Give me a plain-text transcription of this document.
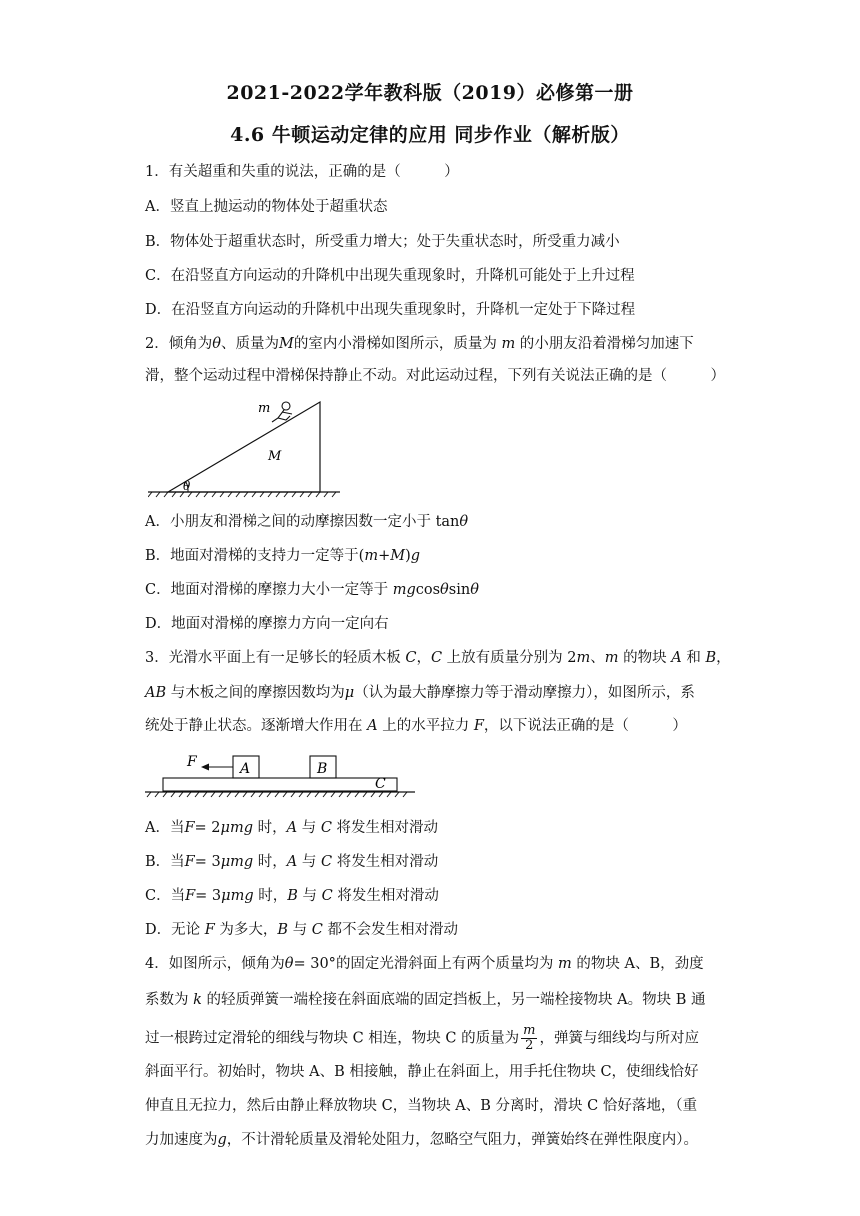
2021-2022学年教科版（2019）必修第一册
4.6 牛顿运动定律的应用 同步作业（解析版）
1．有关超重和失重的说法，正确的是（　　　）
A．竖直上抛运动的物体处于超重状态
B．物体处于超重状态时，所受重力增大；处于失重状态时，所受重力减小
C．在沿竖直方向运动的升降机中出现失重现象时，升降机可能处于上升过程
D．在沿竖直方向运动的升降机中出现失重现象时，升降机一定处于下降过程
2．倾角为θ、质量为M的室内小滑梯如图所示，质量为 m 的小朋友沿着滑梯匀加速下
滑，整个运动过程中滑梯保持静止不动。对此运动过程，下列有关说法正确的是（　　　）
m
M
θ
A．小朋友和滑梯之间的动摩擦因数一定小于 tanθ
B．地面对滑梯的支持力一定等于(m+M)g
C．地面对滑梯的摩擦力大小一定等于 mgcosθsinθ
D．地面对滑梯的摩擦力方向一定向右
3．光滑水平面上有一足够长的轻质木板 C，C 上放有质量分别为 2m、m 的物块 A 和 B，
AB 与木板之间的摩擦因数均为μ（认为最大静摩擦力等于滑动摩擦力），如图所示，系
统处于静止状态。逐渐增大作用在 A 上的水平拉力 F，以下说法正确的是（　　　）
F	A	B
C
A．当F= 2μmg 时，A 与 C 将发生相对滑动
B．当F= 3μmg 时，A 与 C 将发生相对滑动
C．当F= 3μmg 时，B 与 C 将发生相对滑动
D．无论 F 为多大，B 与 C 都不会发生相对滑动
4．如图所示，倾角为θ= 30°的固定光滑斜面上有两个质量均为 m 的物块 A、B，劲度
系数为 k 的轻质弹簧一端栓接在斜面底端的固定挡板上，另一端栓接物块 A。物块 B 通
过一根跨过定滑轮的细线与物块 C 相连，物块 C 的质量为 $\frac{m}{2}$ ，弹簧与细线均与所对应
斜面平行。初始时，物块 A、B 相接触，静止在斜面上，用手托住物块 C，使细线恰好
伸直且无拉力，然后由静止释放物块 C，当物块 A、B 分离时，滑块 C 恰好落地，（重
力加速度为g，不计滑轮质量及滑轮处阻力，忽略空气阻力，弹簧始终在弹性限度内）。
